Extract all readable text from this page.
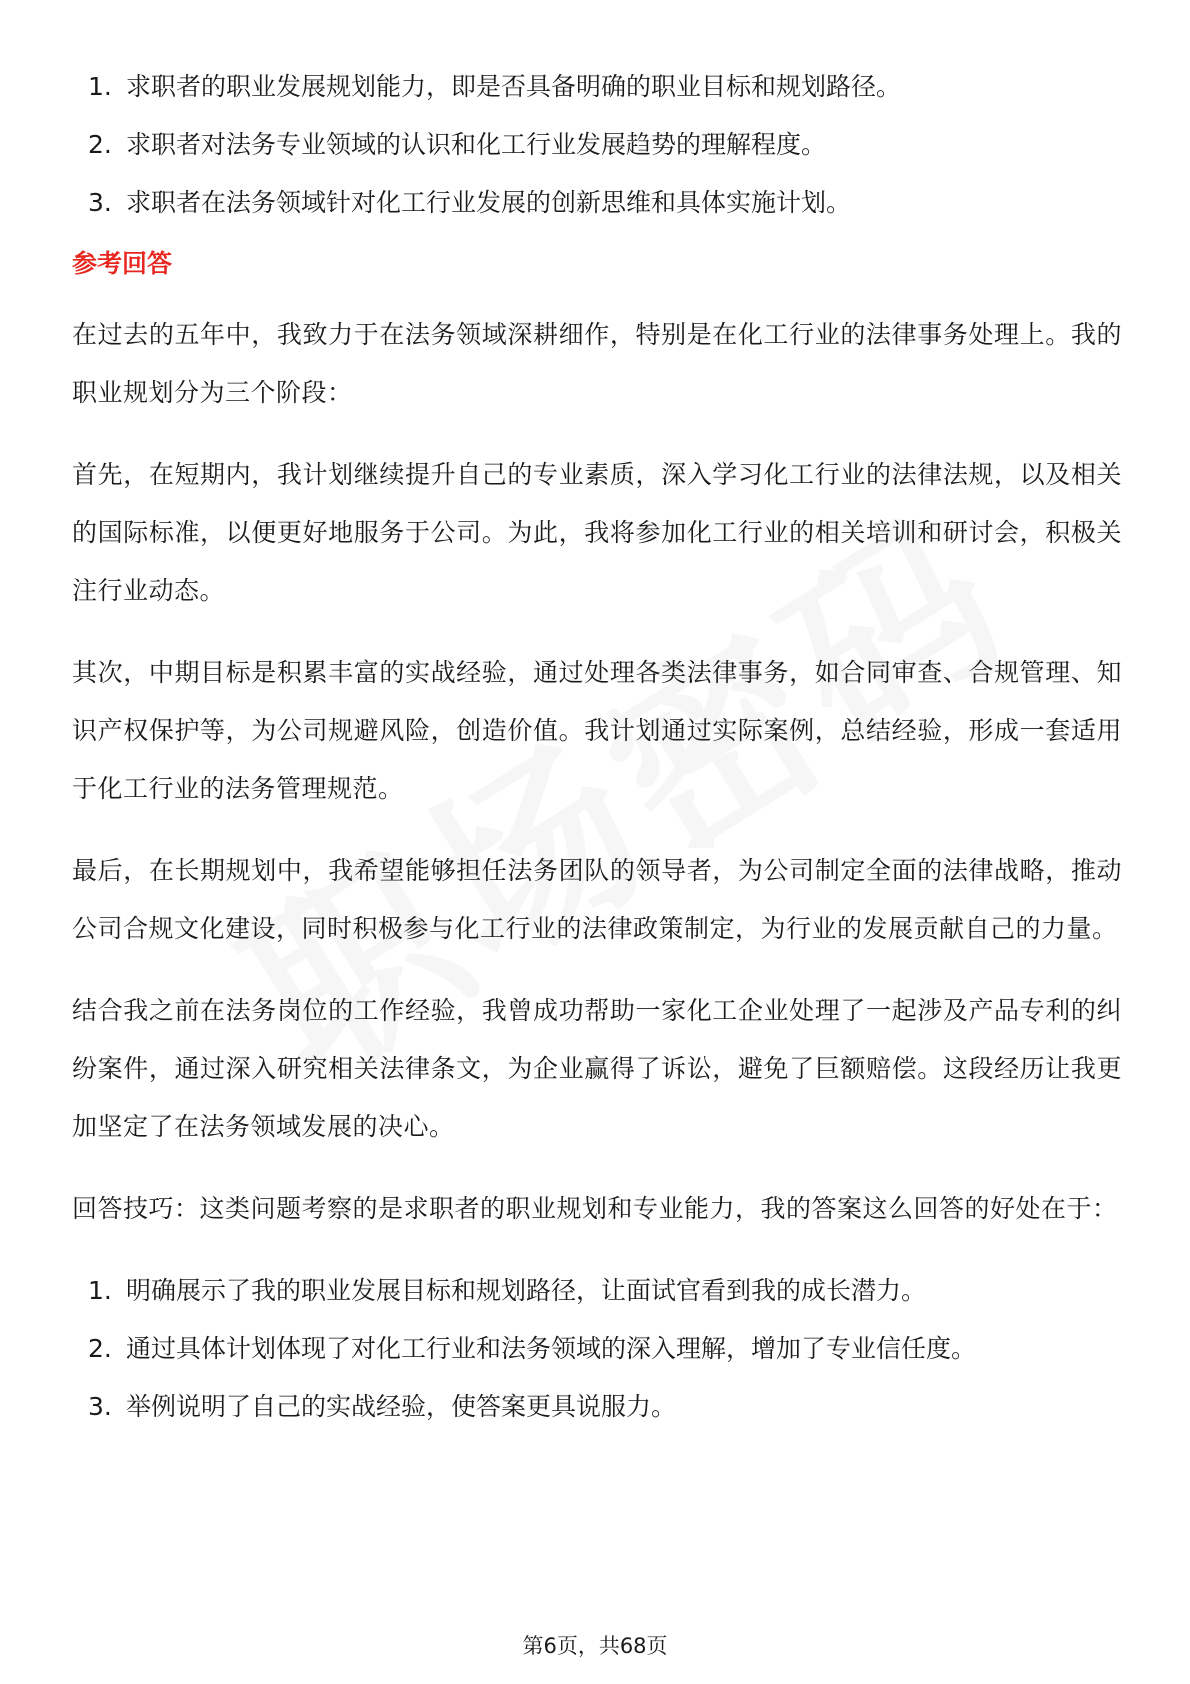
1. 求职者的职业发展规划能力，即是否具备明确的职业目标和规划路径。
2. 求职者对法务专业领域的认识和化工行业发展趋势的理解程度。
3. 求职者在法务领域针对化工行业发展的创新思维和具体实施计划。
参考回答

在过去的五年中，我致力于在法务领域深耕细作，特别是在化工行业的法律事务处理上。我的职业规划分为三个阶段：

首先，在短期内，我计划继续提升自己的专业素质，深入学习化工行业的法律法规，以及相关的国际标准，以便更好地服务于公司。为此，我将参加化工行业的相关培训和研讨会，积极关注行业动态。

其次，中期目标是积累丰富的实战经验，通过处理各类法律事务，如合同审查、合规管理、知识产权保护等，为公司规避风险，创造价值。我计划通过实际案例，总结经验，形成一套适用于化工行业的法务管理规范。

最后，在长期规划中，我希望能够担任法务团队的领导者，为公司制定全面的法律战略，推动公司合规文化建设，同时积极参与化工行业的法律政策制定，为行业的发展贡献自己的力量。

结合我之前在法务岗位的工作经验，我曾成功帮助一家化工企业处理了一起涉及产品专利的纠纷案件，通过深入研究相关法律条文，为企业赢得了诉讼，避免了巨额赔偿。这段经历让我更加坚定了在法务领域发展的决心。

回答技巧：这类问题考察的是求职者的职业规划和专业能力，我的答案这么回答的好处在于：

1. 明确展示了我的职业发展目标和规划路径，让面试官看到我的成长潜力。
2. 通过具体计划体现了对化工行业和法务领域的深入理解，增加了专业信任度。
3. 举例说明了自己的实战经验，使答案更具说服力。
第6页，共68页
